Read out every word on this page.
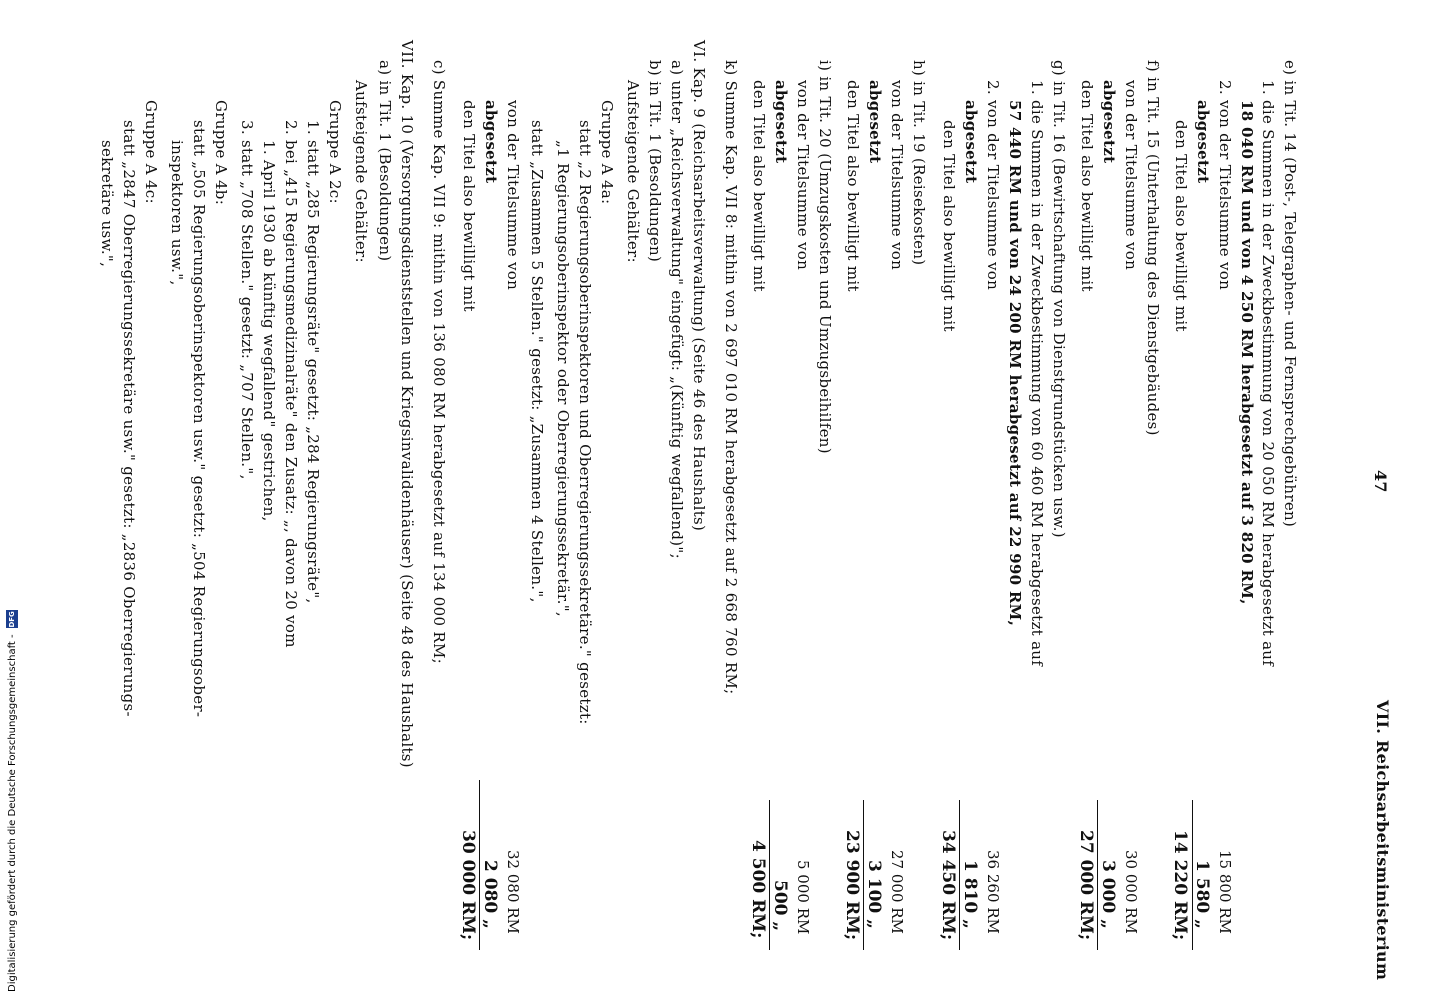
47
VII. Reichsarbeitsministerium
e) in Tit. 14 (Post-, Telegraphen- und Fernsprechgebühren)
1. die Summen in der Zweckbestimmung von 20 050 RM herabgesetzt auf
18 040 RM und von 4 250 RM herabgesetzt auf 3 820 RM,
2. von der Titelsumme von
abgesetzt
den Titel also bewilligt mit
f) in Tit. 15 (Unterhaltung des Dienstgebäudes)
von der Titelsumme von
abgesetzt
den Titel also bewilligt mit
g) in Tit. 16 (Bewirtschaftung von Dienstgrundstücken usw.)
1. die Summen in der Zweckbestimmung von 60 460 RM herabgesetzt auf
57 440 RM und von 24 200 RM herabgesetzt auf 22 990 RM,
2. von der Titelsumme von
abgesetzt
den Titel also bewilligt mit
h) in Tit. 19 (Reisekosten)
von der Titelsumme von
abgesetzt
den Titel also bewilligt mit
i) in Tit. 20 (Umzugskosten und Umzugsbeihilfen)
von der Titelsumme von
abgesetzt
den Titel also bewilligt mit
k) Summe Kap. VII 8: mithin von 2 697 010 RM herabgesetzt auf 2 668 760 RM;
VI. Kap. 9 (Reichsarbeitsverwaltung) (Seite 46 des Haushalts)
a) unter „Reichsverwaltung" eingefügt: „(Künftig wegfallend)";
b) in Tit. 1 (Besoldungen)
Aufsteigende Gehälter:
Gruppe A 4a:
statt „2 Regierungsoberinspektoren und Oberregierungssekretäre." gesetzt:
„1 Regierungsoberinspektor oder Oberregierungssekretär.",
statt „Zusammen 5 Stellen." gesetzt: „Zusammen 4 Stellen.",
von der Titelsumme von
abgesetzt
den Titel also bewilligt mit
c) Summe Kap. VII 9: mithin von 136 080 RM herabgesetzt auf 134 000 RM;
VII. Kap. 10 (Versorgungsdienststellen und Kriegsinvalidenhäuser) (Seite 48 des Haushalts)
a) in Tit. 1 (Besoldungen)
Aufsteigende Gehälter:
Gruppe A 2c:
1. statt „285 Regierungsräte" gesetzt: „284 Regierungsräte",
2. bei „415 Regierungsmedizinalräte" den Zusatz: „, davon 20 vom
1. April 1930 ab künftig wegfallend" gestrichen,
3. statt „708 Stellen." gesetzt: „707 Stellen.",
Gruppe A 4b:
statt „505 Regierungsoberinspektoren usw." gesetzt: „504 Regierungsober-
inspektoren usw.",
Gruppe A 4c:
statt „2847 Oberregierungssekretäre usw." gesetzt: „2836 Oberregierungs-
sekretäre usw.",
15 800 RM
1 580 „
14 220 RM;
30 000 RM
3 000 „
27 000 RM;
36 260 RM
1 810 „
34 450 RM;
27 000 RM
3 100 „
23 900 RM;
5 000 RM
500 „
4 500 RM;
32 080 RM
2 080 „
30 000 RM;
Digitalisierung gefördert durch die Deutsche Forschungsgemeinschaft -
DFG
